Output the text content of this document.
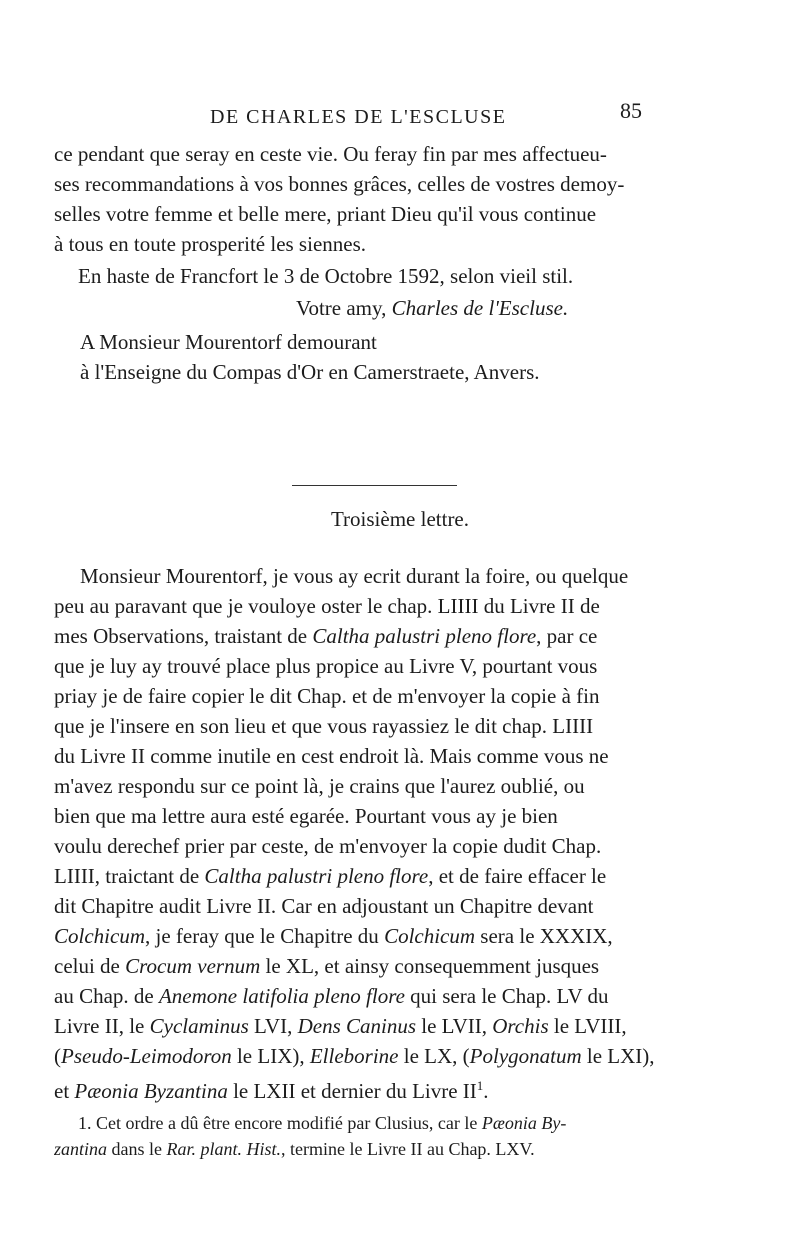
DE CHARLES DE L'ESCLUSE	85
ce pendant que seray en ceste vie. Ou feray fin par mes affectueu-
ses recommandations à vos bonnes grâces, celles de vostres demoy-
selles votre femme et belle mere, priant Dieu qu'il vous continue
à tous en toute prosperité les siennes.
En haste de Francfort le 3 de Octobre 1592, selon vieil stil.
Votre amy, Charles de l'Escluse.
A Monsieur Mourentorf demourant
à l'Enseigne du Compas d'Or en Camerstraete, Anvers.
Troisième lettre.
Monsieur Mourentorf, je vous ay ecrit durant la foire, ou quelque
peu au paravant que je vouloye oster le chap. LIIII du Livre II de
mes Observations, traistant de Caltha palustri pleno flore, par ce
que je luy ay trouvé place plus propice au Livre V, pourtant vous
priay je de faire copier le dit Chap. et de m'envoyer la copie à fin
que je l'insere en son lieu et que vous rayassiez le dit chap. LIIII
du Livre II comme inutile en cest endroit là. Mais comme vous ne
m'avez respondu sur ce point là, je crains que l'aurez oublié, ou
bien que ma lettre aura esté egarée. Pourtant vous ay je bien
voulu derechef prier par ceste, de m'envoyer la copie dudit Chap.
LIIII, traictant de Caltha palustri pleno flore, et de faire effacer le
dit Chapitre audit Livre II. Car en adjoustant un Chapitre devant
Colchicum, je feray que le Chapitre du Colchicum sera le XXXIX,
celui de Crocum vernum le XL, et ainsy consequemment jusques
au Chap. de Anemone latifolia pleno flore qui sera le Chap. LV du
Livre II, le Cyclaminus LVI, Dens Caninus le LVII, Orchis le LVIII,
(Pseudo-Leimodoron le LIX), Elleborine le LX, (Polygonatum le LXI),
et Pæonia Byzantina le LXII et dernier du Livre $II^1$.
1. Cet ordre a dû être encore modifié par Clusius, car le Pæonia By-
zantina dans le Rar. plant. Hist., termine le Livre II au Chap. LXV.
